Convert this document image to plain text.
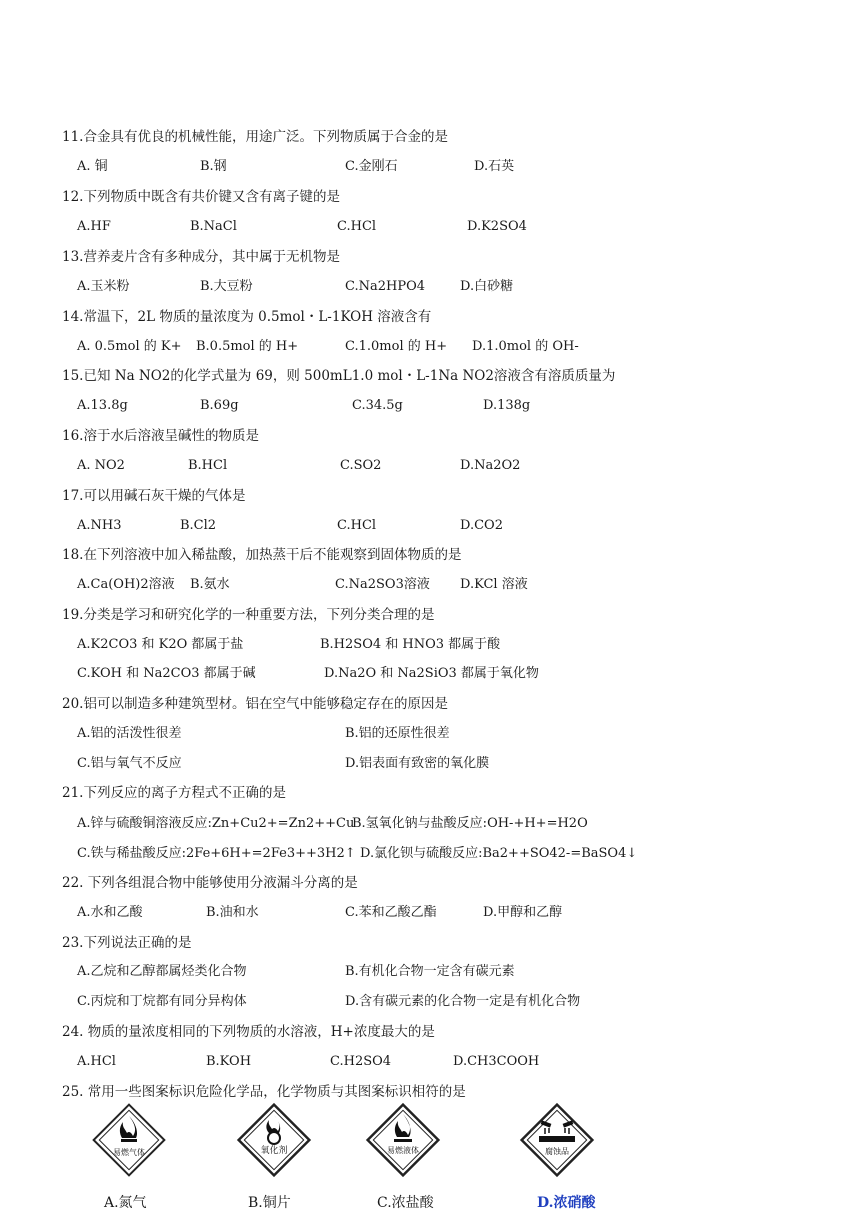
11.合金具有优良的机械性能，用途广泛。下列物质属于合金的是
A. 铜	B.钢	C.金刚石	D.石英
12.下列物质中既含有共价键又含有离子键的是
A.HF	B.NaCl	C.HCl	D.K2SO4
13.营养麦片含有多种成分，其中属于无机物是
A.玉米粉	B.大豆粉	C.Na2HPO4	D.白砂糖
14.常温下，2L 物质的量浓度为 0.5mol・L-1KOH 溶液含有
A. 0.5mol 的 K+ B.0.5mol 的 H+	C.1.0mol 的 H+ D.1.0mol 的 OH-
15.已知 Na NO2的化学式量为 69，则 500mL1.0 mol・L-1Na NO2溶液含有溶质质量为
A.13.8g	B.69g	C.34.5g	D.138g
16.溶于水后溶液呈碱性的物质是
A. NO2	B.HCl	C.SO2	D.Na2O2
17.可以用碱石灰干燥的气体是
A.NH3	B.Cl2	C.HCl	D.CO2
18.在下列溶液中加入稀盐酸，加热蒸干后不能观察到固体物质的是
A.Ca(OH)2溶液 B.氨水	C.Na2SO3溶液 D.KCl 溶液
19.分类是学习和研究化学的一种重要方法，下列分类合理的是
A.K2CO3 和 K2O 都属于盐	B.H2SO4 和 HNO3 都属于酸
C.KOH 和 Na2CO3 都属于碱	D.Na2O 和 Na2SiO3 都属于氧化物
20.铝可以制造多种建筑型材。铝在空气中能够稳定存在的原因是
A.铝的活泼性很差	B.铝的还原性很差
C.铝与氧气不反应	D.铝表面有致密的氧化膜
21.下列反应的离子方程式不正确的是
A.锌与硫酸铜溶液反应:Zn+Cu2+=Zn2++Cu
B.氢氧化钠与盐酸反应:OH-+H+=H2O
C.铁与稀盐酸反应:2Fe+6H+=2Fe3++3H2↑ D.氯化钡与硫酸反应:Ba2++SO42-=BaSO4↓
22. 下列各组混合物中能够使用分液漏斗分离的是
A.水和乙酸	B.油和水	C.苯和乙酸乙酯	D.甲醇和乙醇
23.下列说法正确的是
A.乙烷和乙醇都属烃类化合物	B.有机化合物一定含有碳元素
C.丙烷和丁烷都有同分异构体	D.含有碳元素的化合物一定是有机化合物
24. 物质的量浓度相同的下列物质的水溶液，H+浓度最大的是
A.HCl	B.KOH	C.H2SO4	D.CH3COOH
25. 常用一些图案标识危险化学品，化学物质与其图案标识相符的是
易燃气体	氧化剂	易燃液体	腐蚀品
A.氮气	B.铜片	C.浓盐酸	D.浓硝酸
